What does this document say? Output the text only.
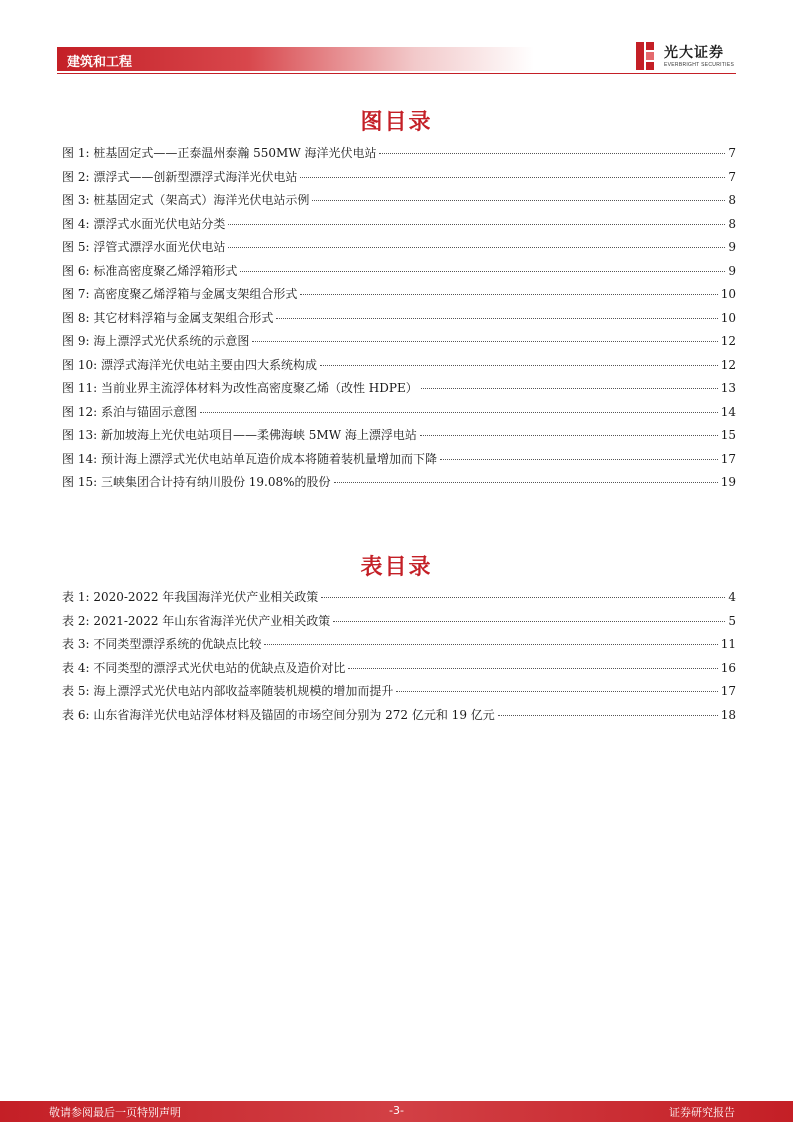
建筑和工程
光大证券
EVERBRIGHT SECURITIES
图目录
图 1: 桩基固定式——正泰温州泰瀚 550MW 海洋光伏电站	7
图 2: 漂浮式——创新型漂浮式海洋光伏电站	7
图 3: 桩基固定式（架高式）海洋光伏电站示例	8
图 4: 漂浮式水面光伏电站分类	8
图 5: 浮管式漂浮水面光伏电站	9
图 6: 标准高密度聚乙烯浮箱形式	9
图 7: 高密度聚乙烯浮箱与金属支架组合形式	10
图 8: 其它材料浮箱与金属支架组合形式	10
图 9: 海上漂浮式光伏系统的示意图	12
图 10: 漂浮式海洋光伏电站主要由四大系统构成	12
图 11: 当前业界主流浮体材料为改性高密度聚乙烯（改性 HDPE）	13
图 12: 系泊与锚固示意图	14
图 13: 新加坡海上光伏电站项目——柔佛海峡 5MW 海上漂浮电站	15
图 14: 预计海上漂浮式光伏电站单瓦造价成本将随着装机量增加而下降	17
图 15: 三峡集团合计持有纳川股份 19.08%的股份	19
表目录
表 1: 2020-2022 年我国海洋光伏产业相关政策	4
表 2: 2021-2022 年山东省海洋光伏产业相关政策	5
表 3: 不同类型漂浮系统的优缺点比较	11
表 4: 不同类型的漂浮式光伏电站的优缺点及造价对比	16
表 5: 海上漂浮式光伏电站内部收益率随装机规模的增加而提升	17
表 6: 山东省海洋光伏电站浮体材料及锚固的市场空间分别为 272 亿元和 19 亿元	18
敬请参阅最后一页特别声明	-3-	证券研究报告
